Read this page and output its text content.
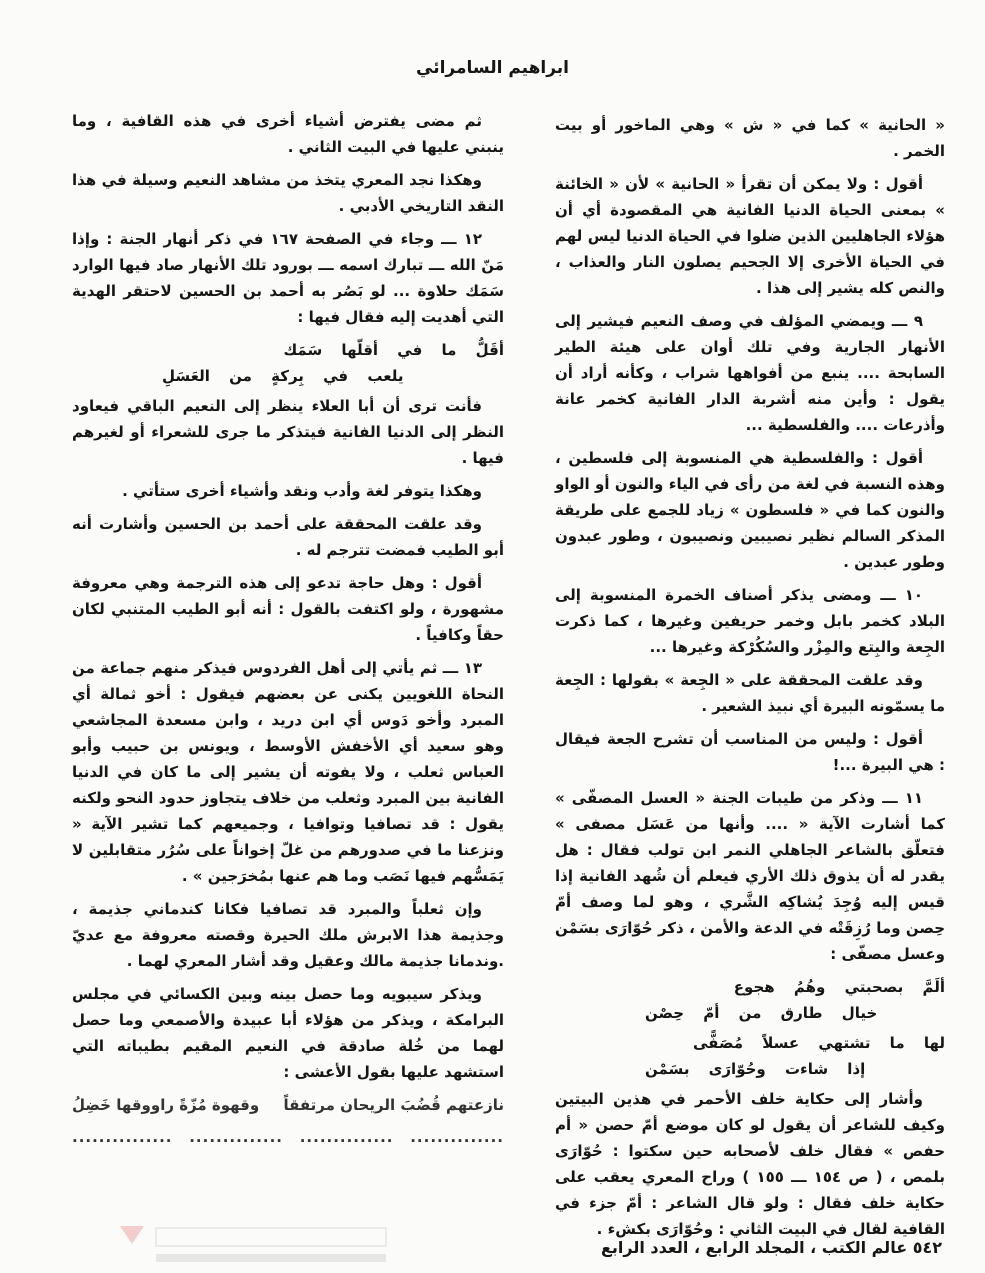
ابراهيم السامرائي

« الحانية » كما في « ش » وهي الماخور أو بيت الخمر .

أقول : ولا يمكن أن تقرأ « الحانية » لأن « الخائنة » بمعنى الحياة الدنيا الفانية هي المقصودة أي أن هؤلاء الجاهليين الذين ضلوا في الحياة الدنيا ليس لهم في الحياة الأخرى إلا الجحيم يصلون النار والعذاب ، والنص كله يشير إلى هذا .

٩ ـــ ويمضي المؤلف في وصف النعيم فيشير إلى الأنهار الجارية وفي تلك أوان على هيئة الطير السابحة .... ينبع من أفواهها شراب ، وكأنه أراد أن يقول : وأين منه أشربة الدار الفانية كخمر عانة وأذرعات .... والفلسطية ...

أقول : والفلسطية هي المنسوبة إلى فلسطين ، وهذه النسبة في لغة من رأى في الياء والنون أو الواو والنون كما في « فلسطون » زياد للجمع على طريقة المذكر السالم نظير نصيبين ونصيبون ، وطور عبدون وطور عبدين .

١٠ ـــ ومضى يذكر أصناف الخمرة المنسوبة إلى البلاد كخمر بابل وخمر حريفين وغيرها ، كما ذكرت الجِعة والبِتع والمِزْر والسُكُرْكة وغيرها ...

وقد علقت المحققة على « الجِعة » بقولها : الجِعة ما يسمّونه البيرة أي نبيذ الشعير .

أقول : وليس من المناسب أن تشرح الجعة فيقال : هي البيرة ...!

١١ ـــ وذكر من طيبات الجنة « العسل المصفّى » كما أشارت الآية « .... وأنها من عَسَل مصفى » فتعلّق بالشاعر الجاهلي النمر ابن تولب فقال : هل يقدر له أن يذوق ذلك الأري فيعلم أن شُهد الفانية إذا قيس إليه وُجِدَ يُشاكِه الشَّري ، وهو لما وصف أمّ حِصن وما رُزِقَتْه في الدعة والأمن ، ذكر حُوّارَى بسَمْن وعسل مصفّى :

ألَمَّ بصحبتي وهُمُ هجوع
خيال طارق من أمّ حِصْن
لها ما تشتهي عسلاً مُصَفًّى
إذا شاءت وحُوّارَى بسَمْن

وأشار إلى حكاية خلف الأحمر في هذين البيتين وكيف للشاعر أن يقول لو كان موضع أمّ حصن « أم حفص » فقال خلف لأصحابه حين سكتوا : حُوّارَى بلمص ، ( ص ١٥٤ ـــ ١٥٥ ) وراح المعري يعقب على حكاية خلف فقال : ولو قال الشاعر : أمّ جزء في القافية لقال في البيت الثاني : وحُوّارَى بكشء .

ثم مضى يفترض أشياء أخرى في هذه القافية ، وما ينبني عليها في البيت الثاني .

وهكذا نجد المعري يتخذ من مشاهد النعيم وسيلة في هذا النقد التاريخي الأدبي .

١٢ ـــ وجاء في الصفحة ١٦٧ في ذكر أنهار الجنة : وإذا مَنّ الله ـــ تبارك اسمه ـــ بورود تلك الأنهار صاد فيها الوارد سَمَك حلاوة ... لو بَصُر به أحمد بن الحسين لاحتقر الهدية التي أهديت إليه فقال فيها :

أقَلُّ ما في أقلّها سَمَك
يلعب في بِركةٍ من العَسَلِ

فأنت ترى أن أبا العلاء ينظر إلى النعيم الباقي فيعاود النظر إلى الدنيا الفانية فيتذكر ما جرى للشعراء أو لغيرهم فيها .

وهكذا يتوفر لغة وأدب ونقد وأشياء أخرى ستأتي .

وقد علقت المحققة على أحمد بن الحسين وأشارت أنه أبو الطيب فمضت تترجم له .

أقول : وهل حاجة تدعو إلى هذه الترجمة وهي معروفة مشهورة ، ولو اكتفت بالقول : أنه أبو الطيب المتنبي لكان حقاً وكافياً .

١٣ ـــ ثم يأتي إلى أهل الفردوس فيذكر منهم جماعة من النحاة اللغويين يكنى عن بعضهم فيقول : أخو ثمالة أي المبرد وأخو دَوس أي ابن دريد ، وابن مسعدة المجاشعي وهو سعيد أي الأخفش الأوسط ، ويونس بن حبيب وأبو العباس ثعلب ، ولا يفوته أن يشير إلى ما كان في الدنيا الفانية بين المبرد وثعلب من خلاف يتجاوز حدود النحو ولكنه يقول : قد تصافيا وتوافيا ، وجميعهم كما تشير الآية « ونزعنا ما في صدورهم من غلّ إخواناً على سُرُر متقابلين لا يَمَسُّهم فيها نَصَب وما هم عنها بمُخرَجين » .

وإن ثعلباً والمبرد قد تصافيا فكانا كندماني جذيمة ، وجذيمة هذا الابرش ملك الحيرة وقصته معروفة مع عديّ .وندمانا جذيمة مالك وعقيل وقد أشار المعري لهما .

ويذكر سيبويه وما حصل بينه وبين الكسائي في مجلس البرامكة ، ويذكر من هؤلاء أبا عبيدة والأصمعي وما حصل لهما من خُلة صادقة في النعيم المقيم بطيباته التي استشهد عليها بقول الأعشى :

نازعتهم قُضُبَ الريحان مرتفقاً
وقهوة مُزّةً راووقها خَضِلُ
..............
..............
..............
...............
٥٤٢ عالم الكتب ، المجلد الرابع ، العدد الرابع
